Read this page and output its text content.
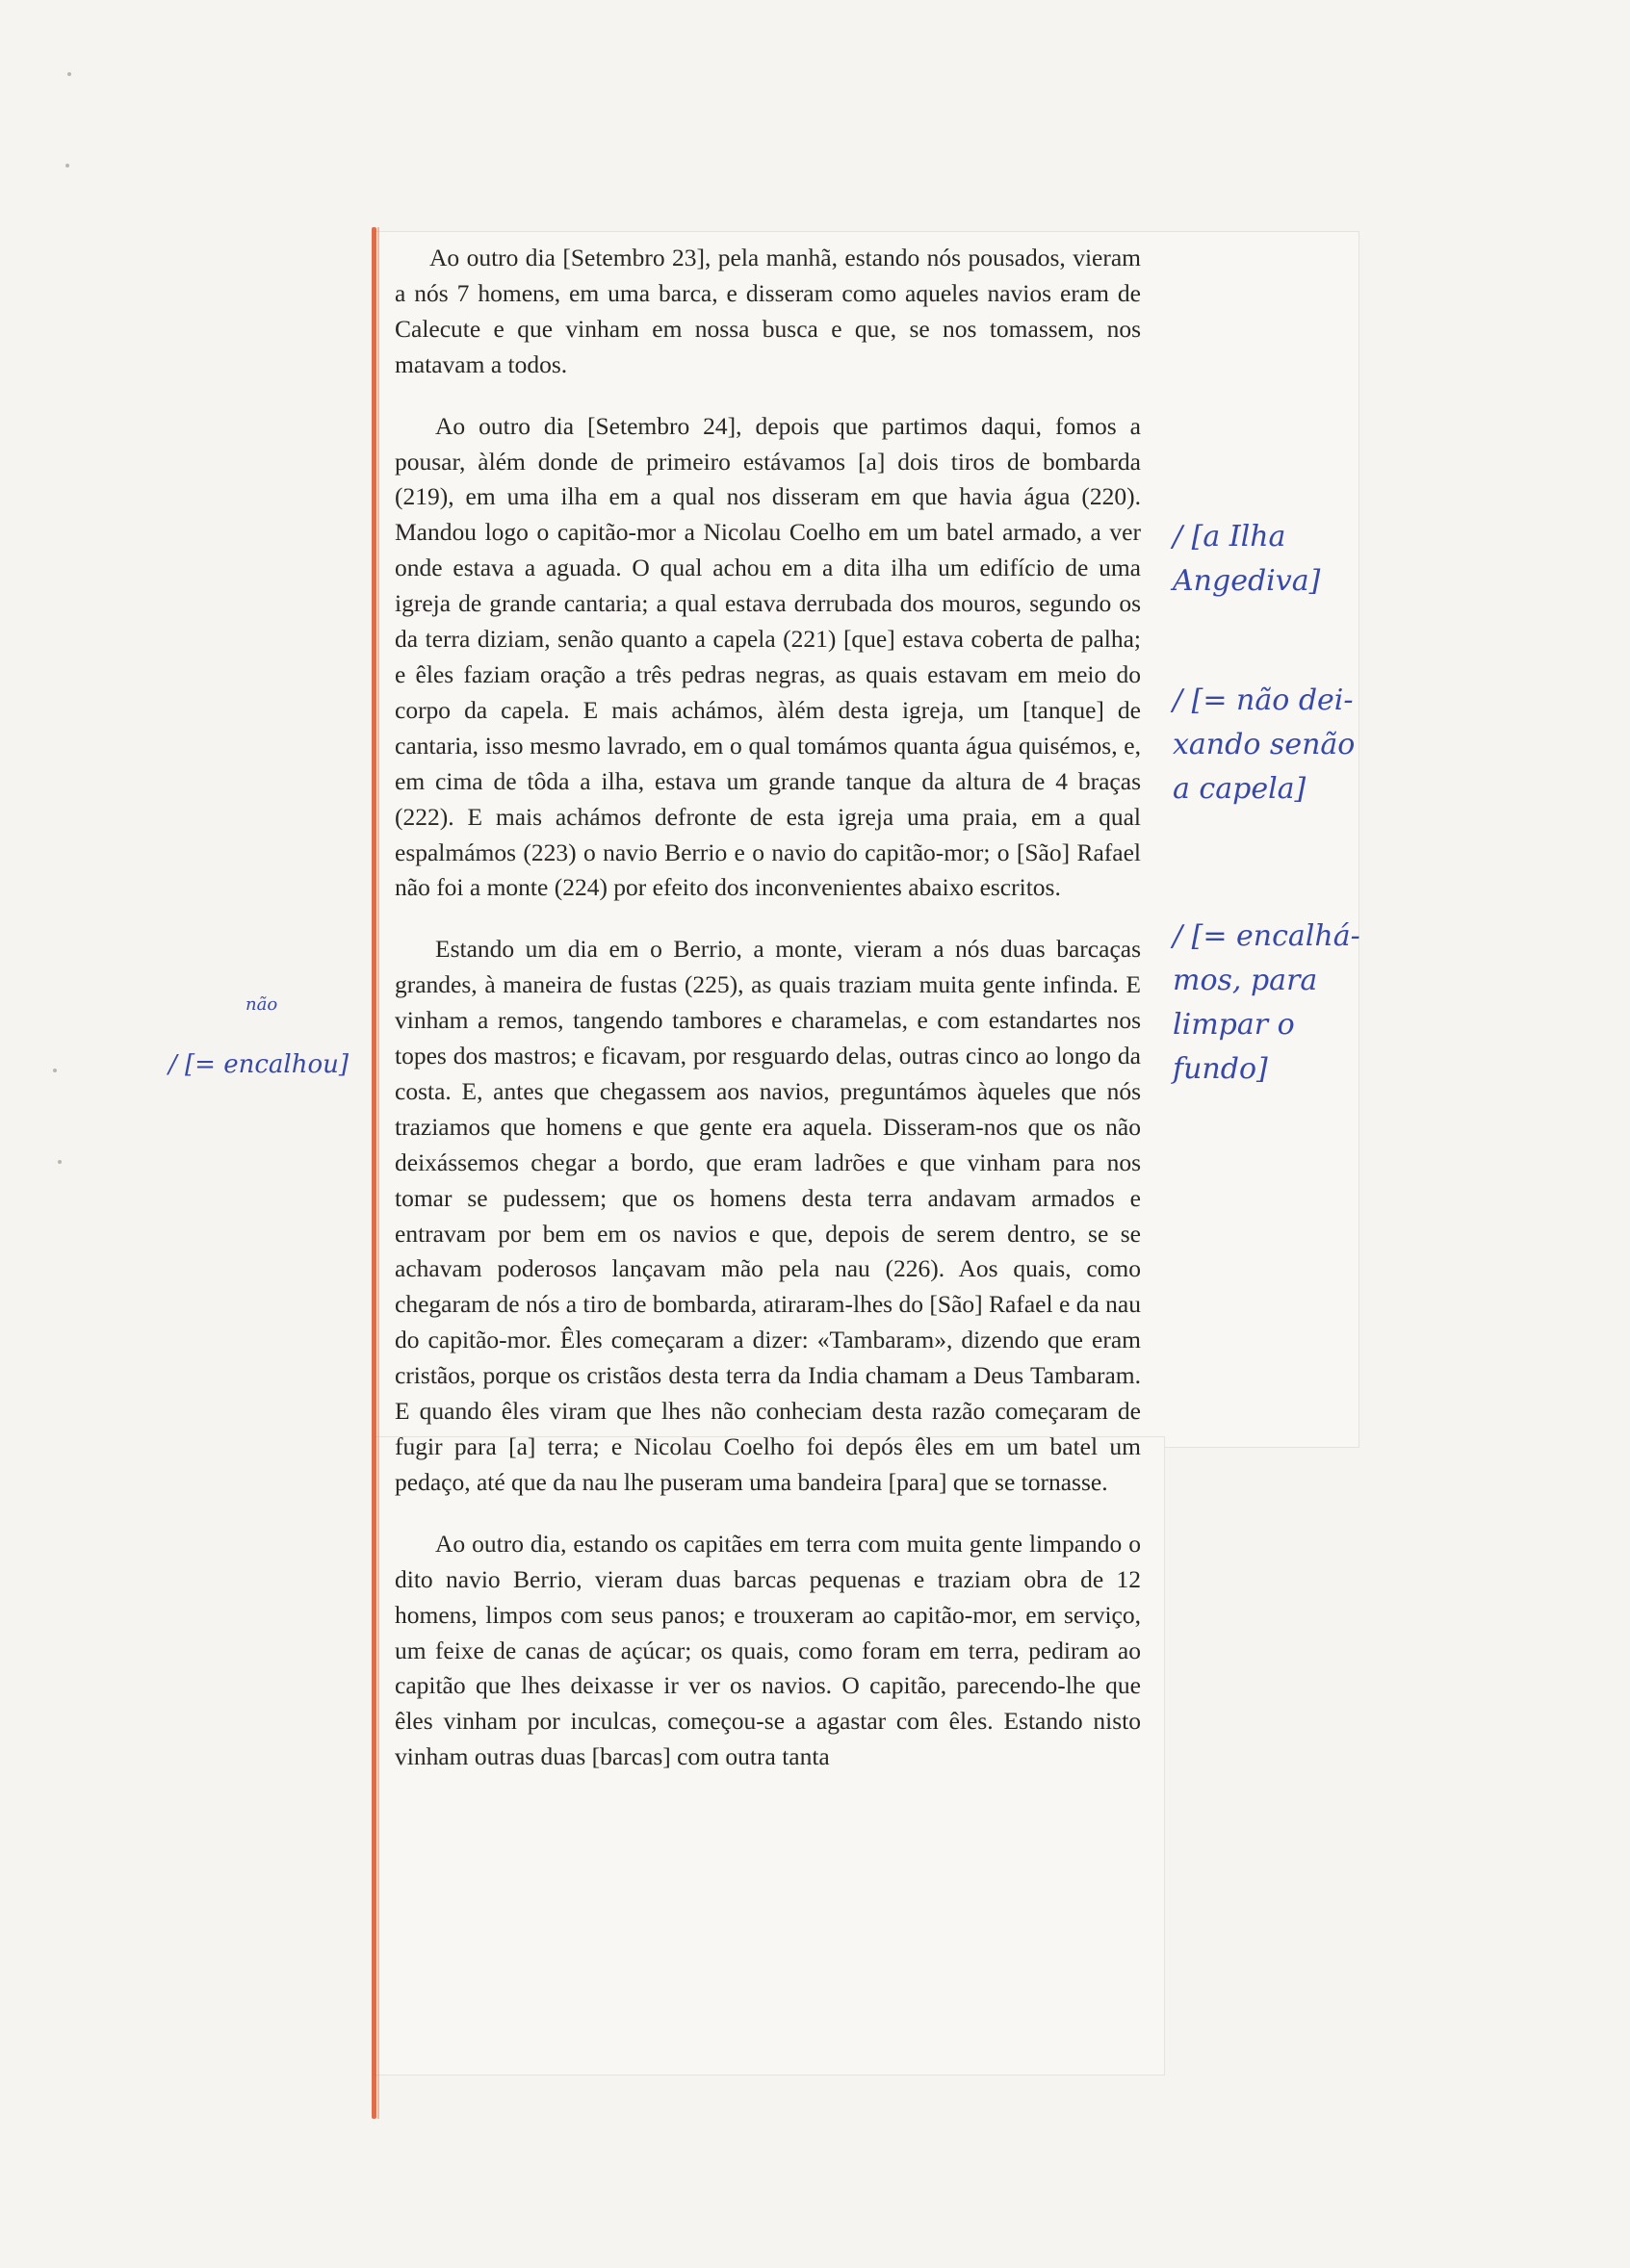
Ao outro dia [Setembro 23], pela manhã, estando nós pousados, vieram a nós 7 homens, em uma barca, e disseram como aqueles navios eram de Calecute e que vinham em nossa busca e que, se nos tomassem, nos matavam a todos.

Ao outro dia [Setembro 24], depois que partimos daqui, fomos a pousar, àlém donde de primeiro estávamos [a] dois tiros de bombarda (219), em uma ilha em a qual nos disseram em que havia água (220). Mandou logo o capitão-mor a Nicolau Coelho em um batel armado, a ver onde estava a aguada. O qual achou em a dita ilha um edifício de uma igreja de grande cantaria; a qual estava derrubada dos mouros, segundo os da terra diziam, senão quanto a capela (221) [que] estava coberta de palha; e êles faziam oração a três pedras negras, as quais estavam em meio do corpo da capela. E mais achámos, àlém desta igreja, um [tanque] de cantaria, isso mesmo lavrado, em o qual tomámos quanta água quisémos, e, em cima de tôda a ilha, estava um grande tanque da altura de 4 braças (222). E mais achámos defronte de esta igreja uma praia, em a qual espalmámos (223) o navio Berrio e o navio do capitão-mor; o [São] Rafael não foi a monte (224) por efeito dos inconvenientes abaixo escritos.

Estando um dia em o Berrio, a monte, vieram a nós duas barcaças grandes, à maneira de fustas (225), as quais traziam muita gente infinda. E vinham a remos, tangendo tambores e charamelas, e com estandartes nos topes dos mastros; e ficavam, por resguardo delas, outras cinco ao longo da costa. E, antes que chegassem aos navios, preguntámos àqueles que nós traziamos que homens e que gente era aquela. Disseram-nos que os não deixássemos chegar a bordo, que eram ladrões e que vinham para nos tomar se pudessem; que os homens desta terra andavam armados e entravam por bem em os navios e que, depois de serem dentro, se se achavam poderosos lançavam mão pela nau (226). Aos quais, como chegaram de nós a tiro de bombarda, atiraram-lhes do [São] Rafael e da nau do capitão-mor. Êles começaram a dizer: «Tambaram», dizendo que eram cristãos, porque os cristãos desta terra da India chamam a Deus Tambaram. E quando êles viram que lhes não conheciam desta razão começaram de fugir para [a] terra; e Nicolau Coelho foi depós êles em um batel um pedaço, até que da nau lhe puseram uma bandeira [para] que se tornasse.

Ao outro dia, estando os capitães em terra com muita gente limpando o dito navio Berrio, vieram duas barcas pequenas e traziam obra de 12 homens, limpos com seus panos; e trouxeram ao capitão-mor, em serviço, um feixe de canas de açúcar; os quais, como foram em terra, pediram ao capitão que lhes deixasse ir ver os navios. O capitão, parecendo-lhe que êles vinham por inculcas, começou-se a agastar com êles. Estando nisto vinham outras duas [barcas] com outra tanta

/ [a Ilha
Angediva]
/ [= não dei-
xando senão
a capela]
/ [= encalhá-
mos, para
limpar o
fundo]

não

/ [= encalhou]
